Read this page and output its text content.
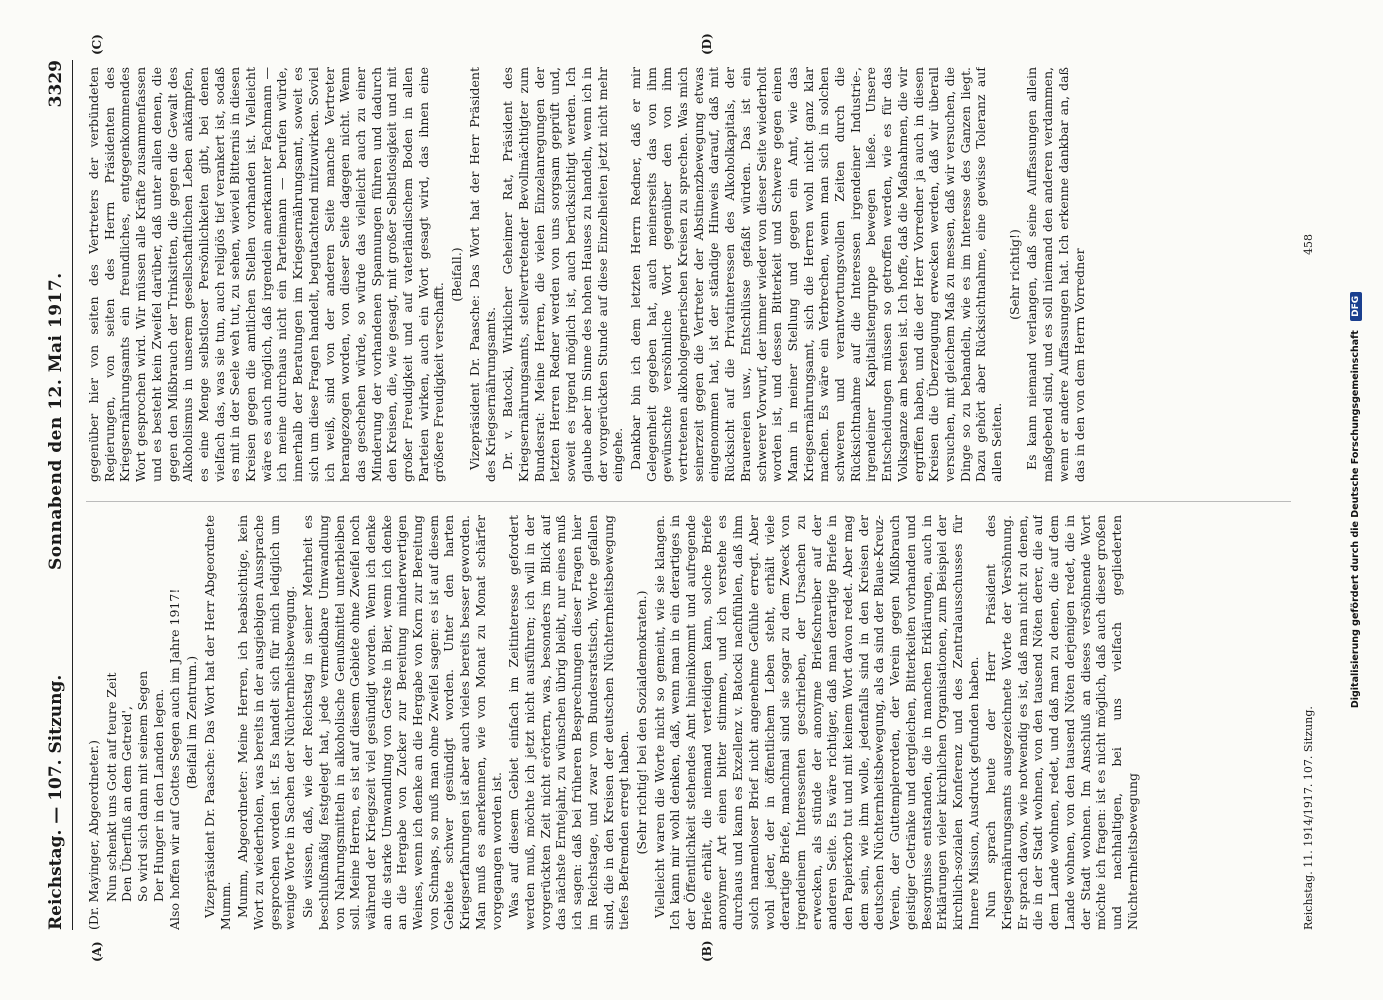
Reichstag. — 107. Sitzung.
Sonnabend den 12. Mai 1917.
3329
(A)	(B)
(C)	(D)

(Dr. Mayinger, Abgeordneter.) Nun schenkt uns Gott auf teure Zeit Den Überfluß an dem Getreid', So wird sich dann mit seinem Segen Der Hunger in den Landen legen. Also hoffen wir auf Gottes Segen auch im Jahre 1917! (Beifall im Zentrum.) Vizepräsident Dr. Paasche: Das Wort hat der Herr Abgeordnete Mumm. Mumm, Abgeordneter: Meine Herren, ich beabsichtige, kein Wort zu wiederholen, was bereits in der ausgiebigen Aussprache gesprochen worden ist. Es handelt sich für mich lediglich um wenige Worte in Sachen der Nüchternheitsbewegung. Sie wissen, daß, wie der Reichstag in seiner Mehrheit es beschlußmäßig festgelegt hat, jede vermeidbare Umwandlung von Nahrungsmitteln in alkoholische Genußmittel unterbleiben soll. Meine Herren, es ist auf diesem Gebiete ohne Zweifel noch während der Kriegszeit viel gesündigt worden. Wenn ich denke an die starke Umwandlung von Gerste in Bier, wenn ich denke an die Hergabe von Zucker zur Bereitung minderwertigen Weines, wenn ich denke an die Hergabe von Korn zur Bereitung von Schnaps, so muß man ohne Zweifel sagen: es ist auf diesem Gebiete schwer gesündigt worden. Unter den harten Kriegserfahrungen ist aber auch vieles bereits besser geworden. Man muß es anerkennen, wie von Monat zu Monat schärfer vorgegangen worden ist. Was auf diesem Gebiet einfach im Zeitinteresse gefordert werden muß, möchte ich jetzt nicht ausführen; ich will in der vorgerückten Zeit nicht erörtern, was, besonders im Blick auf das nächste Erntejahr, zu wünschen übrig bleibt, nur eines muß ich sagen: daß bei früheren Besprechungen dieser Fragen hier im Reichstage, und zwar vom Bundesratstisch, Worte gefallen sind, die in den Kreisen der deutschen Nüchternheitsbewegung tiefes Befremden erregt haben. (Sehr richtig! bei den Sozialdemokraten.) Vielleicht waren die Worte nicht so gemeint, wie sie klangen. Ich kann mir wohl denken, daß, wenn man in ein derartiges in der Öffentlichkeit stehendes Amt hineinkommt und aufregende Briefe erhält, die niemand verteidigen kann, solche Briefe anonymer Art einen bitter stimmen, und ich verstehe es durchaus und kann es Exzellenz v. Batocki nachfühlen, daß ihm solch namenloser Brief nicht angenehme Gefühle erregt. Aber wohl jeder, der in öffentlichem Leben steht, erhält viele derartige Briefe, manchmal sind sie sogar zu dem Zweck von irgendeinem Interessenten geschrieben, der Ursachen zu erwecken, als stünde der anonyme Briefschreiber auf der anderen Seite. Es wäre richtiger, daß man derartige Briefe in den Papierkorb tut und mit keinem Wort davon redet. Aber mag dem sein, wie ihm wolle, jedenfalls sind in den Kreisen der deutschen Nüchternheitsbewegung, als da sind der Blaue-Kreuz-Verein, der Guttemplerorden, der Verein gegen Mißbrauch geistiger Getränke und dergleichen, Bitterkeiten vorhanden und Besorgnisse entstanden, die in manchen Erklärungen, auch in Erklärungen vieler kirchlichen Organisationen, zum Beispiel der kirchlich-sozialen Konferenz und des Zentralausschusses für Innere Mission, Ausdruck gefunden haben. Nun sprach heute der Herr Präsident des Kriegsernährungsamts ausgezeichnete Worte der Versöhnung. Er sprach davon, wie notwendig es ist, daß man nicht zu denen, die in der Stadt wohnen, von den tausend Nöten derer, die auf dem Lande wohnen, redet, und daß man zu denen, die auf dem Lande wohnen, von den tausend Nöten derjenigen redet, die in der Stadt wohnen. Im Anschluß an dieses versöhnende Wort möchte ich fragen: ist es nicht möglich, daß auch dieser großen und nachhaltigen, bei uns vielfach gegliederten Nüchternheitsbewegung

gegenüber hier von seiten des Vertreters der verbündeten Regierungen, von seiten des Herrn Präsidenten des Kriegsernährungsamts ein freundliches, entgegenkommendes Wort gesprochen wird. Wir müssen alle Kräfte zusammenfassen und es besteht kein Zweifel darüber, daß unter allen denen, die gegen den Mißbrauch der Trinksitten, die gegen die Gewalt des Alkoholismus in unserem gesellschaftlichen Leben ankämpfen, es eine Menge selbstloser Persönlichkeiten gibt, bei denen vielfach das, was sie tun, auch religiös tief verankert ist, sodaß es mit in der Seele weh tut, zu sehen, wieviel Bitternis in diesen Kreisen gegen die amtlichen Stellen vorhanden ist. Vielleicht wäre es auch möglich, daß irgendein anerkannter Fachmann — ich meine durchaus nicht ein Parteimann — berufen würde, innerhalb der Beratungen im Kriegsernährungsamt, soweit es sich um diese Fragen handelt, begutachtend mitzuwirken. Soviel ich weiß, sind von der anderen Seite manche Vertreter herangezogen worden, von dieser Seite dagegen nicht. Wenn das geschehen würde, so würde das vielleicht auch zu einer Minderung der vorhandenen Spannungen führen und dadurch den Kreisen, die, wie gesagt, mit großer Selbstlosigkeit und mit großer Freudigkeit und auf vaterländischem Boden in allen Parteien wirken, auch ein Wort gesagt wird, das ihnen eine größere Freudigkeit verschafft.

(Beifall.) Vizepräsident Dr. Paasche: Das Wort hat der Herr Präsident des Kriegsernährungsamts. Dr. v. Batocki, Wirklicher Geheimer Rat, Präsident des Kriegsernährungsamts, stellvertretender Bevollmächtigter zum Bundesrat: Meine Herren, die vielen Einzelanregungen der letzten Herren Redner werden von uns sorgsam geprüft und, soweit es irgend möglich ist, auch berücksichtigt werden. Ich glaube aber im Sinne des hohen Hauses zu handeln, wenn ich in der vorgerückten Stunde auf diese Einzelheiten jetzt nicht mehr eingehe. Dankbar bin ich dem letzten Herrn Redner, daß er mir Gelegenheit gegeben hat, auch meinerseits das von ihm gewünschte versöhnliche Wort gegenüber den von ihm vertretenen alkoholgegnerischen Kreisen zu sprechen. Was mich seinerzeit gegen die Vertreter der Abstinenzbewegung etwas eingenommen hat, ist der ständige Hinweis darauf, daß mit Rücksicht auf die Privatinteressen des Alkoholkapitals, der Brauereien usw., Entschlüsse gefaßt würden. Das ist ein schwerer Vorwurf, der immer wieder von dieser Seite wiederholt worden ist, und dessen Bitterkeit und Schwere gegen einen Mann in meiner Stellung und gegen ein Amt, wie das Kriegsernährungsamt, sich die Herren wohl nicht ganz klar machen. Es wäre ein Verbrechen, wenn man sich in solchen schweren und verantwortungsvollen Zeiten durch die Rücksichtnahme auf die Interessen irgendeiner Industrie-, irgendeiner Kapitalistengruppe bewegen ließe. Unsere Entscheidungen müssen so getroffen werden, wie es für das Volksganze am besten ist. Ich hoffe, daß die Maßnahmen, die wir ergriffen haben, und die der Herr Vorredner ja auch in diesen Kreisen die Überzeugung erwecken werden, daß wir überall versuchen, mit gleichem Maß zu messen, daß wir versuchen, die Dinge so zu behandeln, wie es im Interesse des Ganzen liegt. Dazu gehört aber Rücksichtnahme, eine gewisse Toleranz auf allen Seiten.

(Sehr richtig!) Es kann niemand verlangen, daß seine Auffassungen allein maßgebend sind, und es soll niemand den anderen verdammen, wenn er andere Auffassungen hat. Ich erkenne dankbar an, daß das in den von dem Herrn Vorredner

Reichstag. 11. 1914/1917. 107. Sitzung.
458
Digitalisierung gefördert durch die Deutsche Forschungsgemeinschaft DFG
